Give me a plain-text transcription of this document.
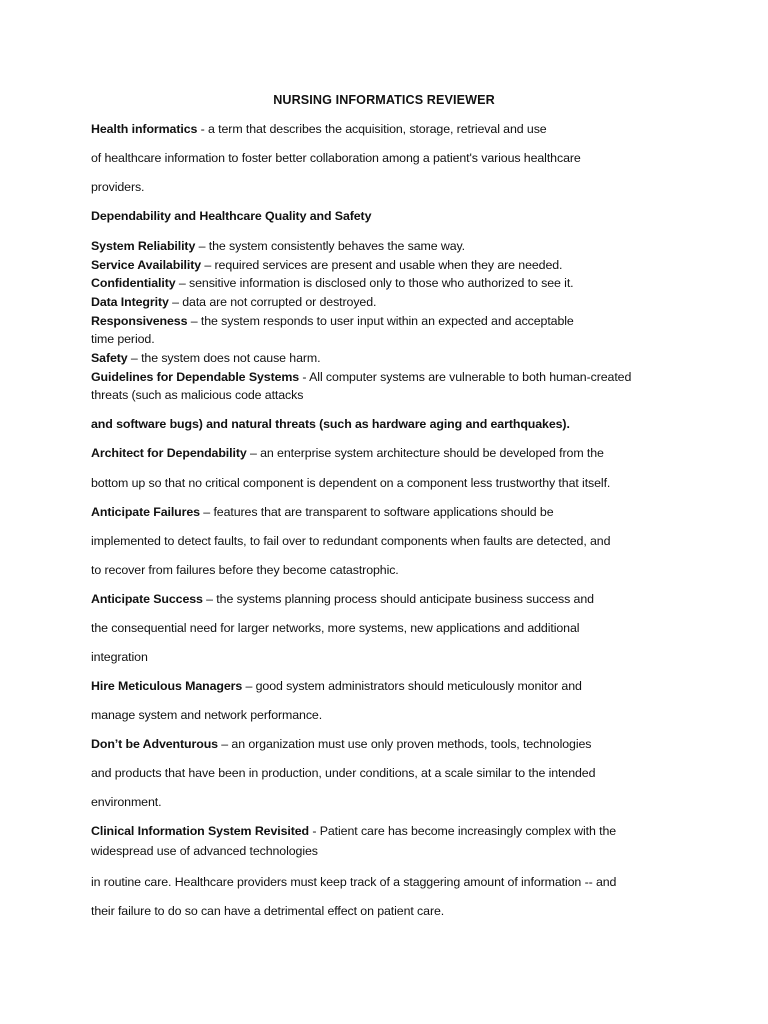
NURSING INFORMATICS REVIEWER
Health informatics - a term that describes the acquisition, storage, retrieval and use
of healthcare information to foster better collaboration among a patient's various healthcare
providers.
Dependability and Healthcare Quality and Safety
System Reliability – the system consistently behaves the same way.
Service Availability – required services are present and usable when they are needed.
Confidentiality – sensitive information is disclosed only to those who authorized to see it.
Data Integrity – data are not corrupted or destroyed.
Responsiveness – the system responds to user input within an expected and acceptable
time period.
Safety – the system does not cause harm.
Guidelines for Dependable Systems - All computer systems are vulnerable to both human-created
threats (such as malicious code attacks
and software bugs) and natural threats (such as hardware aging and earthquakes).
Architect for Dependability – an enterprise system architecture should be developed from the
bottom up so that no critical component is dependent on a component less trustworthy that itself.
Anticipate Failures – features that are transparent to software applications should be
implemented to detect faults, to fail over to redundant components when faults are detected, and
to recover from failures before they become catastrophic.
Anticipate Success – the systems planning process should anticipate business success and
the consequential need for larger networks, more systems, new applications and additional
integration
Hire Meticulous Managers – good system administrators should meticulously monitor and
manage system and network performance.
Don’t be Adventurous – an organization must use only proven methods, tools, technologies
and products that have been in production, under conditions, at a scale similar to the intended
environment.
Clinical Information System Revisited - Patient care has become increasingly complex with the
widespread use of advanced technologies
in routine care. Healthcare providers must keep track of a staggering amount of information -- and
their failure to do so can have a detrimental effect on patient care.
